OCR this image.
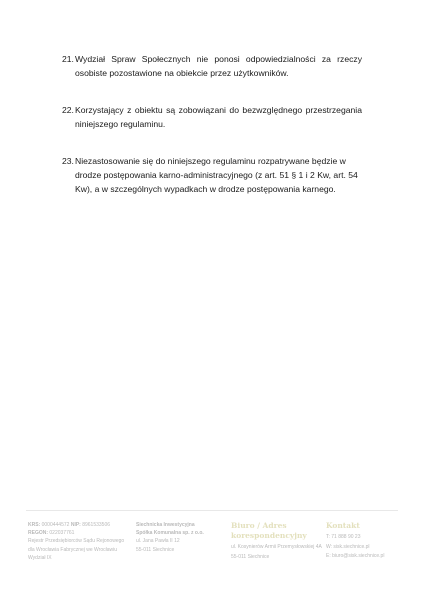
21. Wydział Spraw Społecznych nie ponosi odpowiedzialności za rzeczy osobiste pozostawione na obiekcie przez użytkowników.
22. Korzystający z obiektu są zobowiązani do bezwzględnego przestrzegania niniejszego regulaminu.
23. Niezastosowanie się do niniejszego regulaminu rozpatrywane będzie w drodze postępowania karno-administracyjnego (z art. 51 § 1 i 2 Kw, art. 54 Kw), a w szczególnych wypadkach w drodze postępowania karnego.
KRS: 0000444572 NIP: 8961533506
REGON: 022037761
Rejestr Przedsiębiorców Sądu Rejonowego
dla Wrocławia Fabrycznej we Wrocławiu
Wydział IX
Siechnicka Inwestycyjna
Spółka Komunalna sp. z o.o.
ul. Jana Pawła II 12
55-011 Siechnice
Biuro / Adres korespondencyjny
ul. Kosynierów Armii Przemysłowskiej 4A
55-011 Siechnice
Kontakt
T: 71 888 90 23
W: sisk.siechnice.pl
E: biuro@sisk.siechnice.pl
